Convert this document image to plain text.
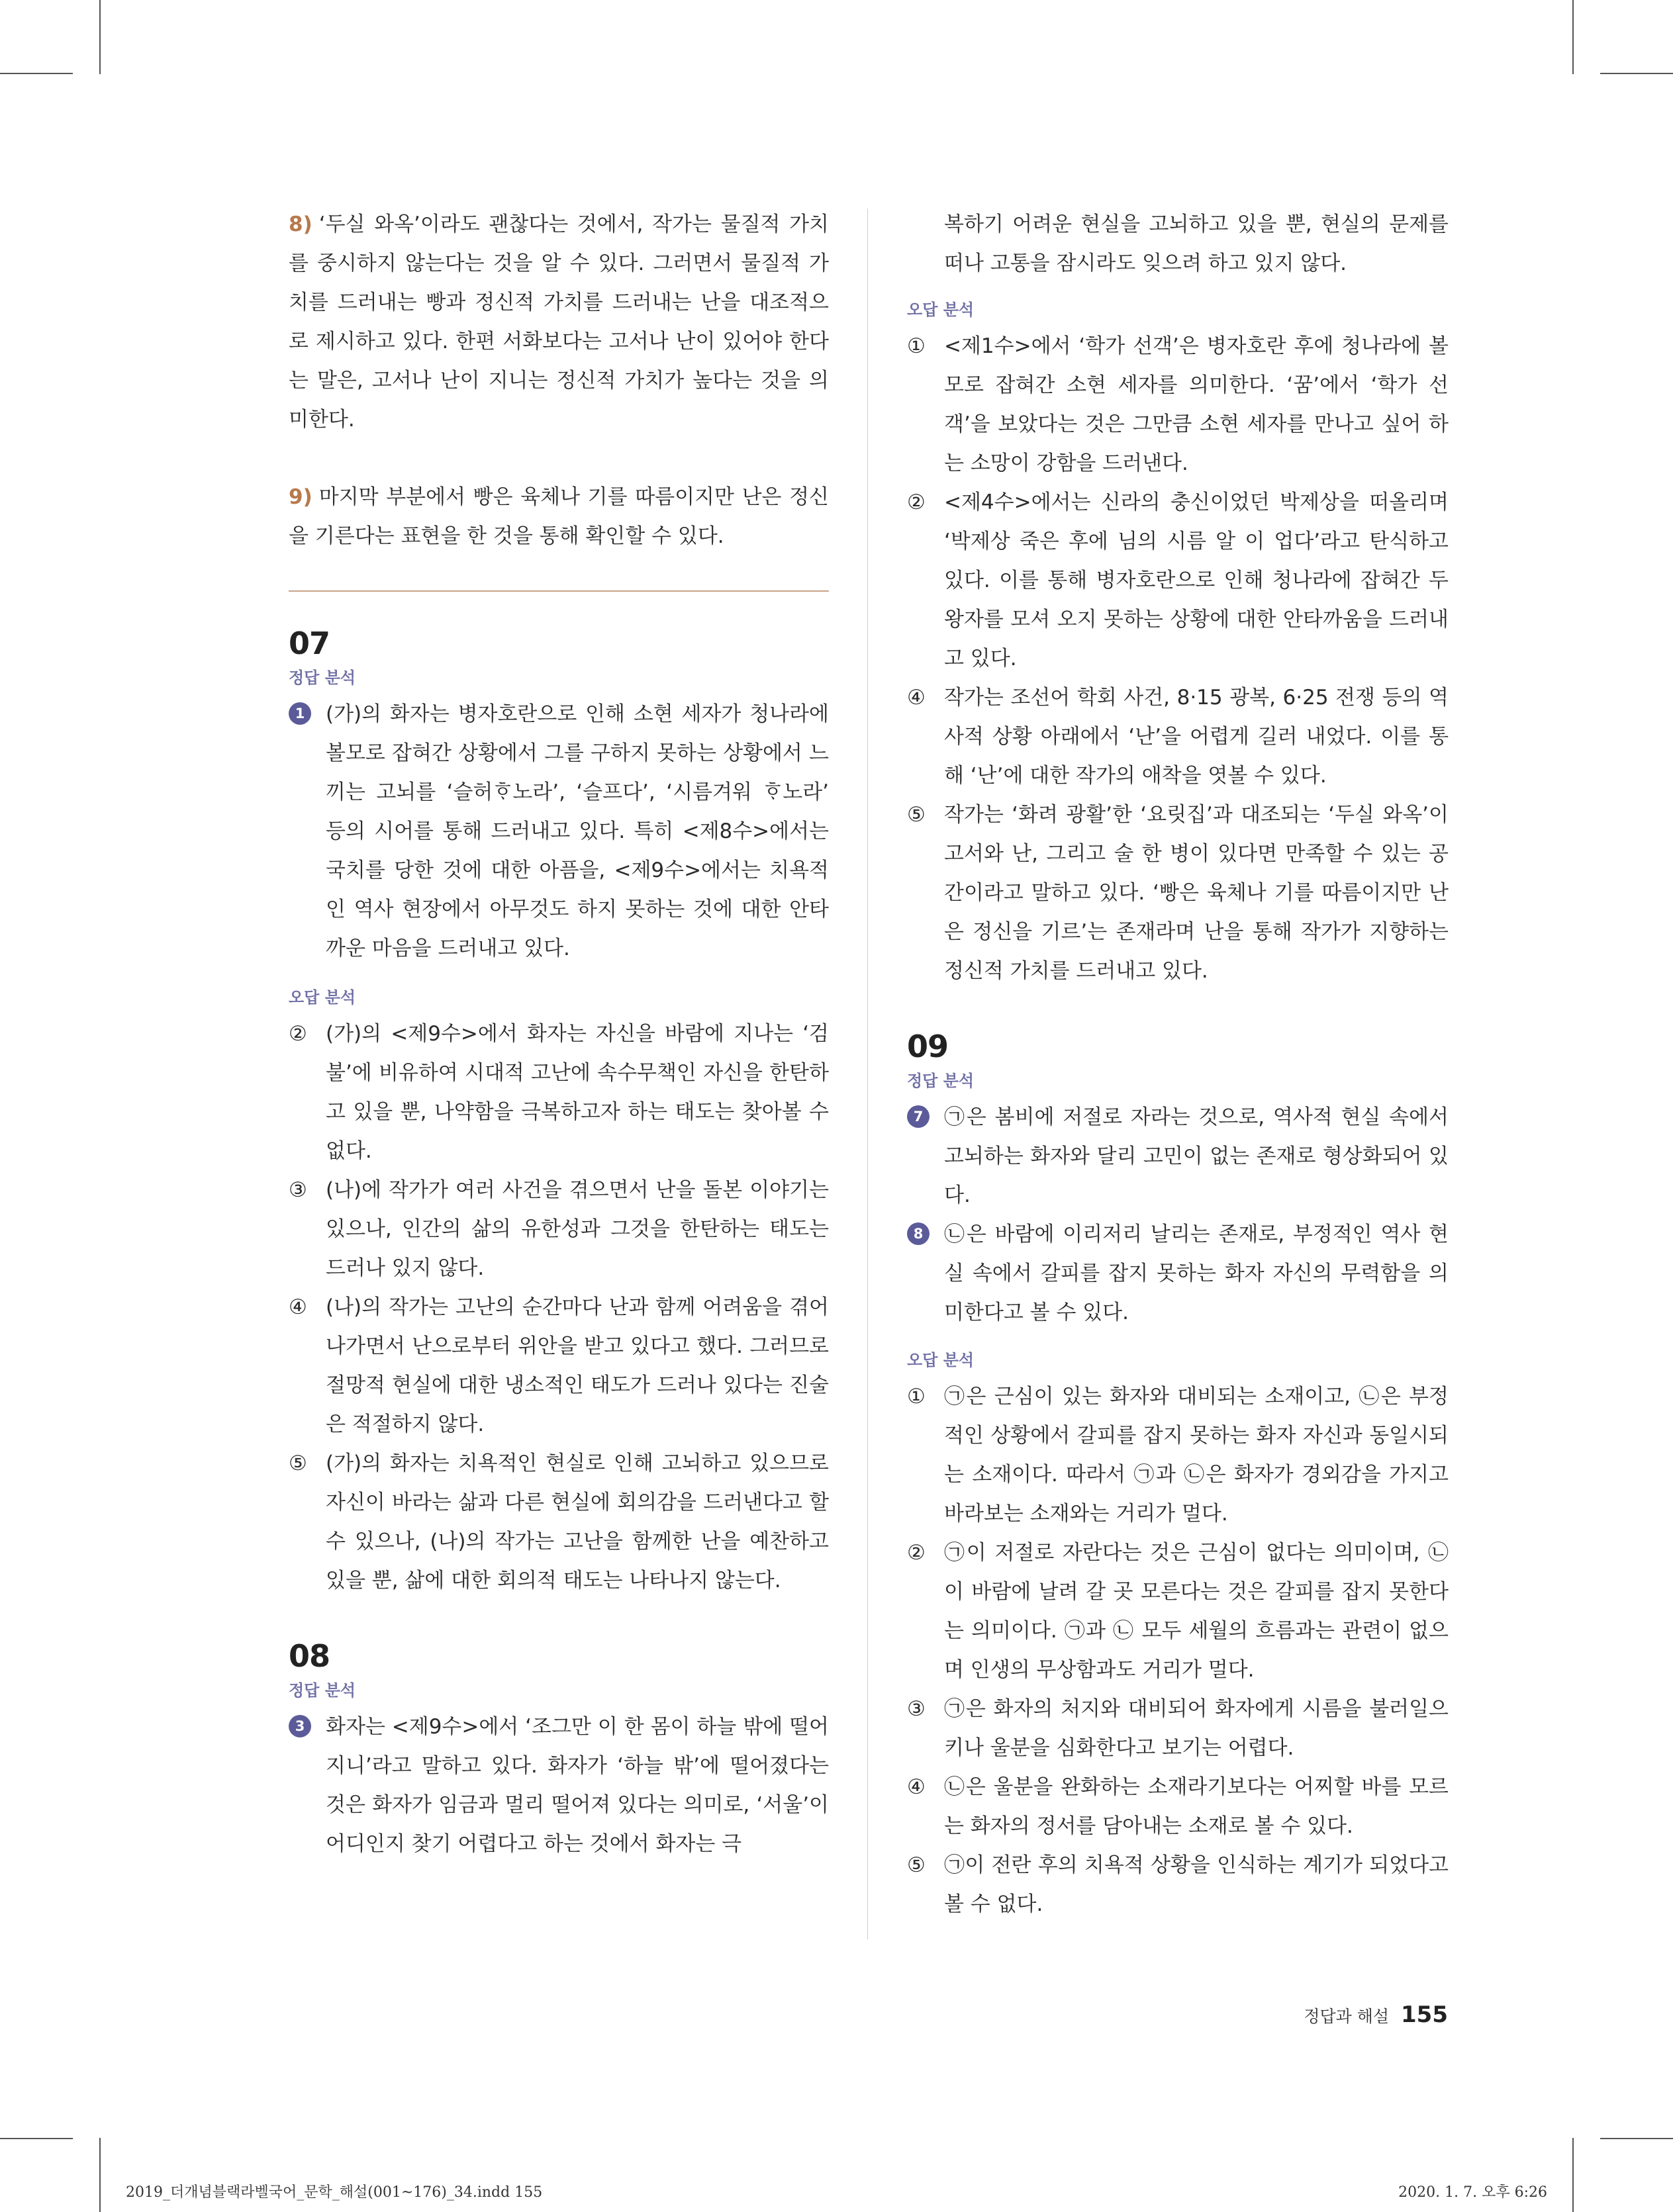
8) ‘두실 와옥’이라도 괜찮다는 것에서, 작가는 물질적 가치를 중시하지 않는다는 것을 알 수 있다. 그러면서 물질적 가치를 드러내는 빵과 정신적 가치를 드러내는 난을 대조적으로 제시하고 있다. 한편 서화보다는 고서나 난이 있어야 한다는 말은, 고서나 난이 지니는 정신적 가치가 높다는 것을 의미한다.

9) 마지막 부분에서 빵은 육체나 기를 따름이지만 난은 정신을 기른다는 표현을 한 것을 통해 확인할 수 있다.

07
정답 분석
1	(가)의 화자는 병자호란으로 인해 소현 세자가 청나라에 볼모로 잡혀간 상황에서 그를 구하지 못하는 상황에서 느끼는 고뇌를 ‘슬허ᄒᆞ노라’, ‘슬프다’, ‘시름겨워 ᄒᆞ노라’ 등의 시어를 통해 드러내고 있다. 특히 <제8수>에서는 국치를 당한 것에 대한 아픔을, <제9수>에서는 치욕적인 역사 현장에서 아무것도 하지 못하는 것에 대한 안타까운 마음을 드러내고 있다.
오답 분석
② (가)의 <제9수>에서 화자는 자신을 바람에 지나는 ‘검불’에 비유하여 시대적 고난에 속수무책인 자신을 한탄하고 있을 뿐, 나약함을 극복하고자 하는 태도는 찾아볼 수 없다.
③ (나)에 작가가 여러 사건을 겪으면서 난을 돌본 이야기는 있으나, 인간의 삶의 유한성과 그것을 한탄하는 태도는 드러나 있지 않다.
④ (나)의 작가는 고난의 순간마다 난과 함께 어려움을 겪어 나가면서 난으로부터 위안을 받고 있다고 했다. 그러므로 절망적 현실에 대한 냉소적인 태도가 드러나 있다는 진술은 적절하지 않다.
⑤ (가)의 화자는 치욕적인 현실로 인해 고뇌하고 있으므로 자신이 바라는 삶과 다른 현실에 회의감을 드러낸다고 할 수 있으나, (나)의 작가는 고난을 함께한 난을 예찬하고 있을 뿐, 삶에 대한 회의적 태도는 나타나지 않는다.
08
정답 분석
3	화자는 <제9수>에서 ‘조그만 이 한 몸이 하늘 밖에 떨어지니’라고 말하고 있다. 화자가 ‘하늘 밖’에 떨어졌다는 것은 화자가 임금과 멀리 떨어져 있다는 의미로, ‘서울’이 어디인지 찾기 어렵다고 하는 것에서 화자는 극

복하기 어려운 현실을 고뇌하고 있을 뿐, 현실의 문제를 떠나 고통을 잠시라도 잊으려 하고 있지 않다.

오답 분석
① <제1수>에서 ‘학가 선객’은 병자호란 후에 청나라에 볼모로 잡혀간 소현 세자를 의미한다. ‘꿈’에서 ‘학가 선객’을 보았다는 것은 그만큼 소현 세자를 만나고 싶어 하는 소망이 강함을 드러낸다.
② <제4수>에서는 신라의 충신이었던 박제상을 떠올리며 ‘박제상 죽은 후에 님의 시름 알 이 업다’라고 탄식하고 있다. 이를 통해 병자호란으로 인해 청나라에 잡혀간 두 왕자를 모셔 오지 못하는 상황에 대한 안타까움을 드러내고 있다.
④ 작가는 조선어 학회 사건, 8·15 광복, 6·25 전쟁 등의 역사적 상황 아래에서 ‘난’을 어렵게 길러 내었다. 이를 통해 ‘난’에 대한 작가의 애착을 엿볼 수 있다.
⑤ 작가는 ‘화려 광활’한 ‘요릿집’과 대조되는 ‘두실 와옥’이 고서와 난, 그리고 술 한 병이 있다면 만족할 수 있는 공간이라고 말하고 있다. ‘빵은 육체나 기를 따름이지만 난은 정신을 기르’는 존재라며 난을 통해 작가가 지향하는 정신적 가치를 드러내고 있다.
09
정답 분석
7	㉠은 봄비에 저절로 자라는 것으로, 역사적 현실 속에서 고뇌하는 화자와 달리 고민이 없는 존재로 형상화되어 있다.
8	㉡은 바람에 이리저리 날리는 존재로, 부정적인 역사 현실 속에서 갈피를 잡지 못하는 화자 자신의 무력함을 의미한다고 볼 수 있다.
오답 분석
① ㉠은 근심이 있는 화자와 대비되는 소재이고, ㉡은 부정적인 상황에서 갈피를 잡지 못하는 화자 자신과 동일시되는 소재이다. 따라서 ㉠과 ㉡은 화자가 경외감을 가지고 바라보는 소재와는 거리가 멀다.
② ㉠이 저절로 자란다는 것은 근심이 없다는 의미이며, ㉡이 바람에 날려 갈 곳 모른다는 것은 갈피를 잡지 못한다는 의미이다. ㉠과 ㉡ 모두 세월의 흐름과는 관련이 없으며 인생의 무상함과도 거리가 멀다.
③ ㉠은 화자의 처지와 대비되어 화자에게 시름을 불러일으키나 울분을 심화한다고 보기는 어렵다.
④ ㉡은 울분을 완화하는 소재라기보다는 어찌할 바를 모르는 화자의 정서를 담아내는 소재로 볼 수 있다.
⑤ ㉠이 전란 후의 치욕적 상황을 인식하는 계기가 되었다고 볼 수 없다.
정답과 해설 155
2019_더개념블랙라벨국어_문학_해설(001~176)_34.indd 155	2020. 1. 7. 오후 6:26
